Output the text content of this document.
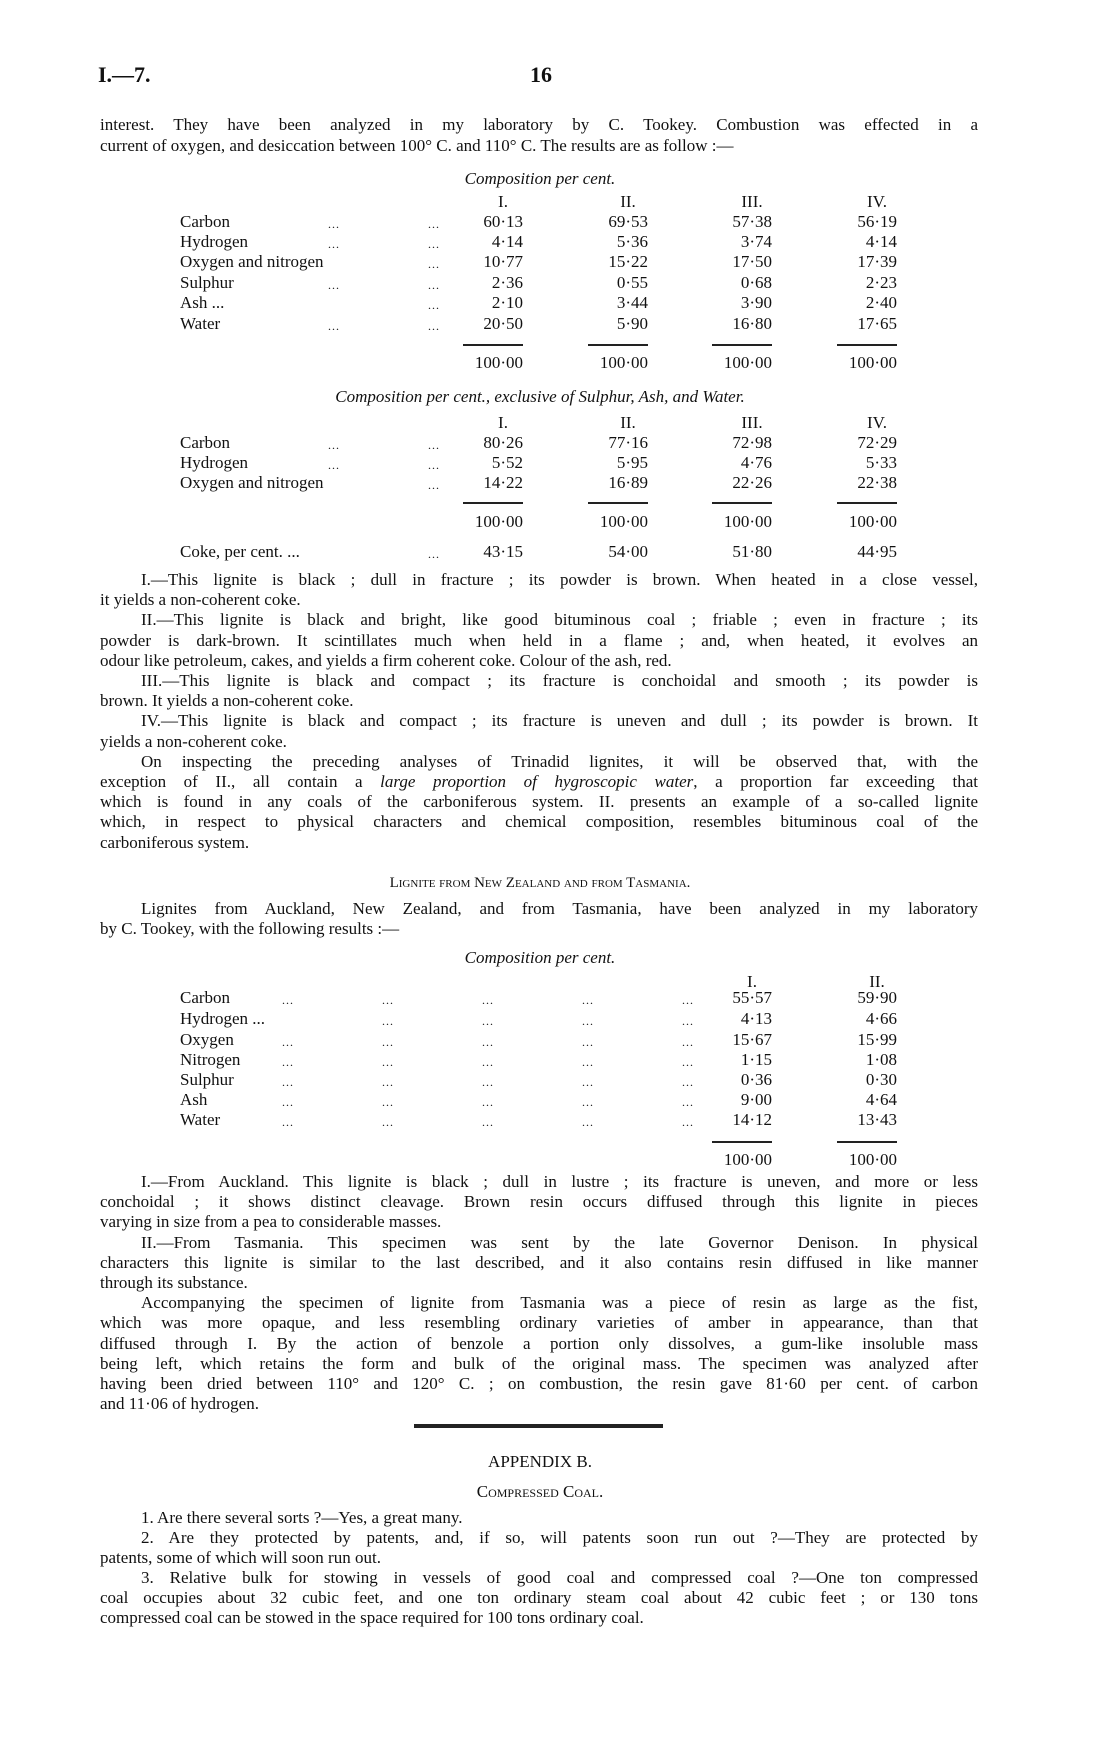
I.—7.	16
interest. They have been analyzed in my laboratory by C. Tookey. Combustion was effected in a
current of oxygen, and desiccation between 100° C. and 110° C. The results are as follow :—
Composition per cent.
I.	II.	III.	IV.
Carbon	...	...	60·13	69·53	57·38	56·19
Hydrogen	...	...	4·14	5·36	3·74	4·14
Oxygen and nitrogen	...	10·77	15·22	17·50	17·39
Sulphur	...	...	2·36	0·55	0·68	2·23
Ash ...	...	2·10	3·44	3·90	2·40
Water	...	...	20·50	5·90	16·80	17·65
100·00	100·00	100·00	100·00
Composition per cent., exclusive of Sulphur, Ash, and Water.
I.	II.	III.	IV.
Carbon	...	...	80·26	77·16	72·98	72·29
Hydrogen	...	...	5·52	5·95	4·76	5·33
Oxygen and nitrogen	...	14·22	16·89	22·26	22·38
100·00	100·00	100·00	100·00
Coke, per cent. ...	...	43·15	54·00	51·80	44·95
I.—This lignite is black ; dull in fracture ; its powder is brown. When heated in a close vessel,
it yields a non-coherent coke.
II.—This lignite is black and bright, like good bituminous coal ; friable ; even in fracture ; its
powder is dark-brown. It scintillates much when held in a flame ; and, when heated, it evolves an
odour like petroleum, cakes, and yields a firm coherent coke. Colour of the ash, red.
III.—This lignite is black and compact ; its fracture is conchoidal and smooth ; its powder is
brown. It yields a non-coherent coke.
IV.—This lignite is black and compact ; its fracture is uneven and dull ; its powder is brown. It
yields a non-coherent coke.
On inspecting the preceding analyses of Trinadid lignites, it will be observed that, with the
exception of II., all contain a large proportion of hygroscopic water, a proportion far exceeding that
which is found in any coals of the carboniferous system. II. presents an example of a so-called lignite
which, in respect to physical characters and chemical composition, resembles bituminous coal of the
carboniferous system.
Lignite from New Zealand and from Tasmania.
Lignites from Auckland, New Zealand, and from Tasmania, have been analyzed in my laboratory
by C. Tookey, with the following results :—
Composition per cent.
I.	II.
Carbon	...	...	...	...	... 55·57	59·90
Hydrogen ...	...	...	...	...	4·13	4·66
Oxygen	...	...	...	...	... 15·67	15·99
Nitrogen	...	...	...	...	...	1·15	1·08
Sulphur	...	...	...	...	...	0·36	0·30
Ash	...	...	...	...	...	9·00	4·64
Water	...	...	...	...	... 14·12	13·43
100·00	100·00
I.—From Auckland. This lignite is black ; dull in lustre ; its fracture is uneven, and more or less
conchoidal ; it shows distinct cleavage. Brown resin occurs diffused through this lignite in pieces
varying in size from a pea to considerable masses.
II.—From Tasmania. This specimen was sent by the late Governor Denison. In physical
characters this lignite is similar to the last described, and it also contains resin diffused in like manner
through its substance.
Accompanying the specimen of lignite from Tasmania was a piece of resin as large as the fist,
which was more opaque, and less resembling ordinary varieties of amber in appearance, than that
diffused through I. By the action of benzole a portion only dissolves, a gum-like insoluble mass
being left, which retains the form and bulk of the original mass. The specimen was analyzed after
having been dried between 110° and 120° C. ; on combustion, the resin gave 81·60 per cent. of carbon
and 11·06 of hydrogen.
APPENDIX B.
Compressed Coal.
1. Are there several sorts ?—Yes, a great many.
2. Are they protected by patents, and, if so, will patents soon run out ?—They are protected by
patents, some of which will soon run out.
3. Relative bulk for stowing in vessels of good coal and compressed coal ?—One ton compressed
coal occupies about 32 cubic feet, and one ton ordinary steam coal about 42 cubic feet ; or 130 tons
compressed coal can be stowed in the space required for 100 tons ordinary coal.
